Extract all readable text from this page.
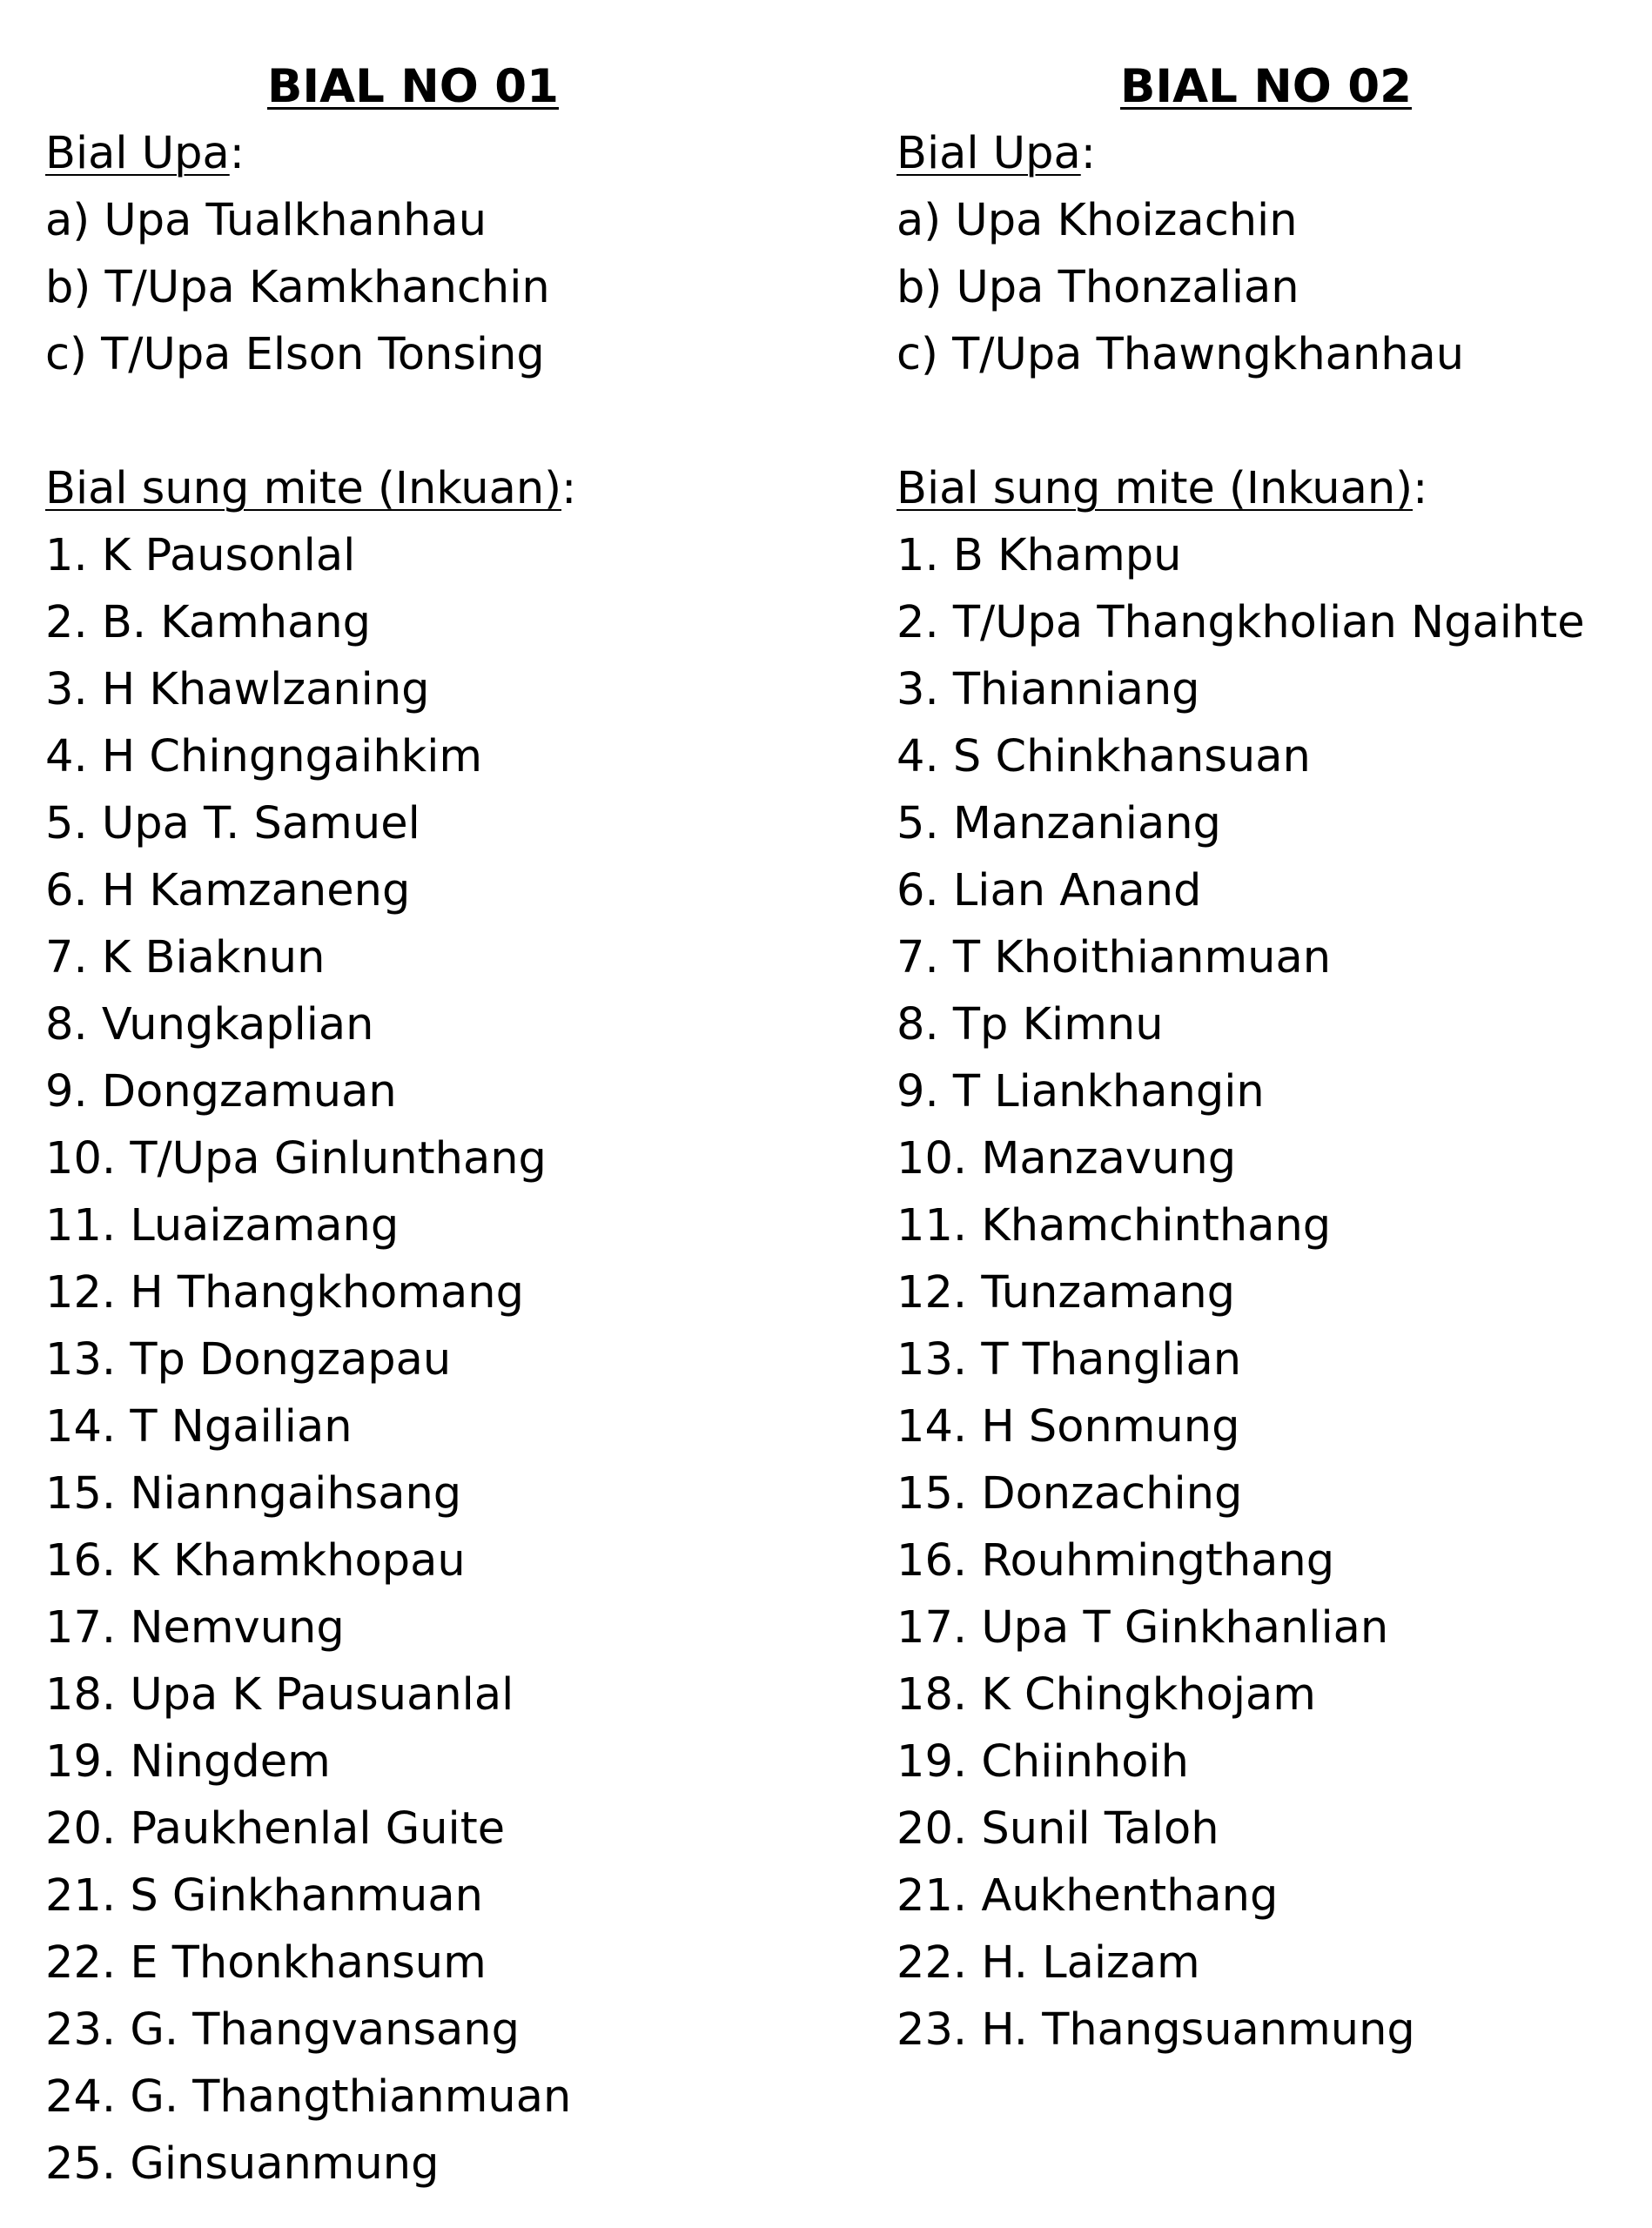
BIAL NO 01
Bial Upa:
a) Upa Tualkhanhau
b) T/Upa Kamkhanchin
c) T/Upa Elson Tonsing
Bial sung mite (Inkuan):
1. K Pausonlal
2. B. Kamhang
3. H Khawlzaning
4. H Chingngaihkim
5. Upa T. Samuel
6. H Kamzaneng
7. K Biaknun
8. Vungkaplian
9. Dongzamuan
10. T/Upa Ginlunthang
11. Luaizamang
12. H Thangkhomang
13. Tp Dongzapau
14. T Ngailian
15. Nianngaihsang
16. K Khamkhopau
17. Nemvung
18. Upa K Pausuanlal
19. Ningdem
20. Paukhenlal Guite
21. S Ginkhanmuan
22. E Thonkhansum
23. G. Thangvansang
24. G. Thangthianmuan
25. Ginsuanmung
BIAL NO 02
Bial Upa:
a) Upa Khoizachin
b) Upa Thonzalian
c) T/Upa Thawngkhanhau
Bial sung mite (Inkuan):
1. B Khampu
2. T/Upa Thangkholian Ngaihte
3. Thianniang
4. S Chinkhansuan
5. Manzaniang
6. Lian Anand
7. T Khoithianmuan
8. Tp Kimnu
9. T Liankhangin
10. Manzavung
11. Khamchinthang
12. Tunzamang
13. T Thanglian
14. H Sonmung
15. Donzaching
16. Rouhmingthang
17. Upa T Ginkhanlian
18. K Chingkhojam
19. Chiinhoih
20. Sunil Taloh
21. Aukhenthang
22. H. Laizam
23. H. Thangsuanmung
